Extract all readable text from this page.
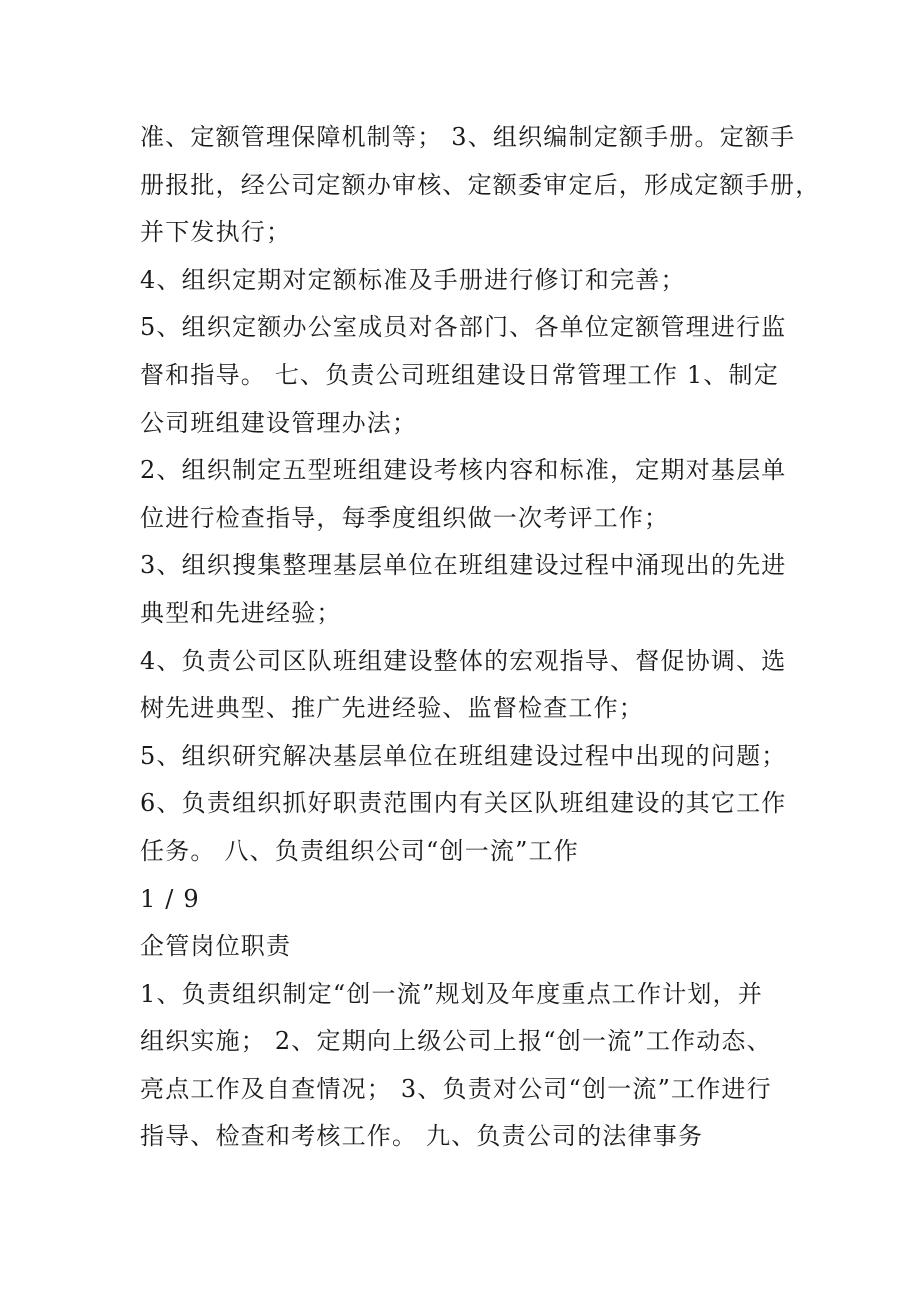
准、定额管理保障机制等； 3、组织编制定额手册。定额手
册报批，经公司定额办审核、定额委审定后，形成定额手册，
并下发执行；
4、组织定期对定额标准及手册进行修订和完善；
5、组织定额办公室成员对各部门、各单位定额管理进行监
督和指导。 七、负责公司班组建设日常管理工作 1、制定
公司班组建设管理办法；
2、组织制定五型班组建设考核内容和标准，定期对基层单
位进行检查指导，每季度组织做一次考评工作；
3、组织搜集整理基层单位在班组建设过程中涌现出的先进
典型和先进经验；
4、负责公司区队班组建设整体的宏观指导、督促协调、选
树先进典型、推广先进经验、监督检查工作；
5、组织研究解决基层单位在班组建设过程中出现的问题；
6、负责组织抓好职责范围内有关区队班组建设的其它工作
任务。 八、负责组织公司“创一流”工作
1 / 9
企管岗位职责
1、负责组织制定“创一流”规划及年度重点工作计划，并
组织实施； 2、定期向上级公司上报“创一流”工作动态、
亮点工作及自查情况； 3、负责对公司“创一流”工作进行
指导、检查和考核工作。 九、负责公司的法律事务
